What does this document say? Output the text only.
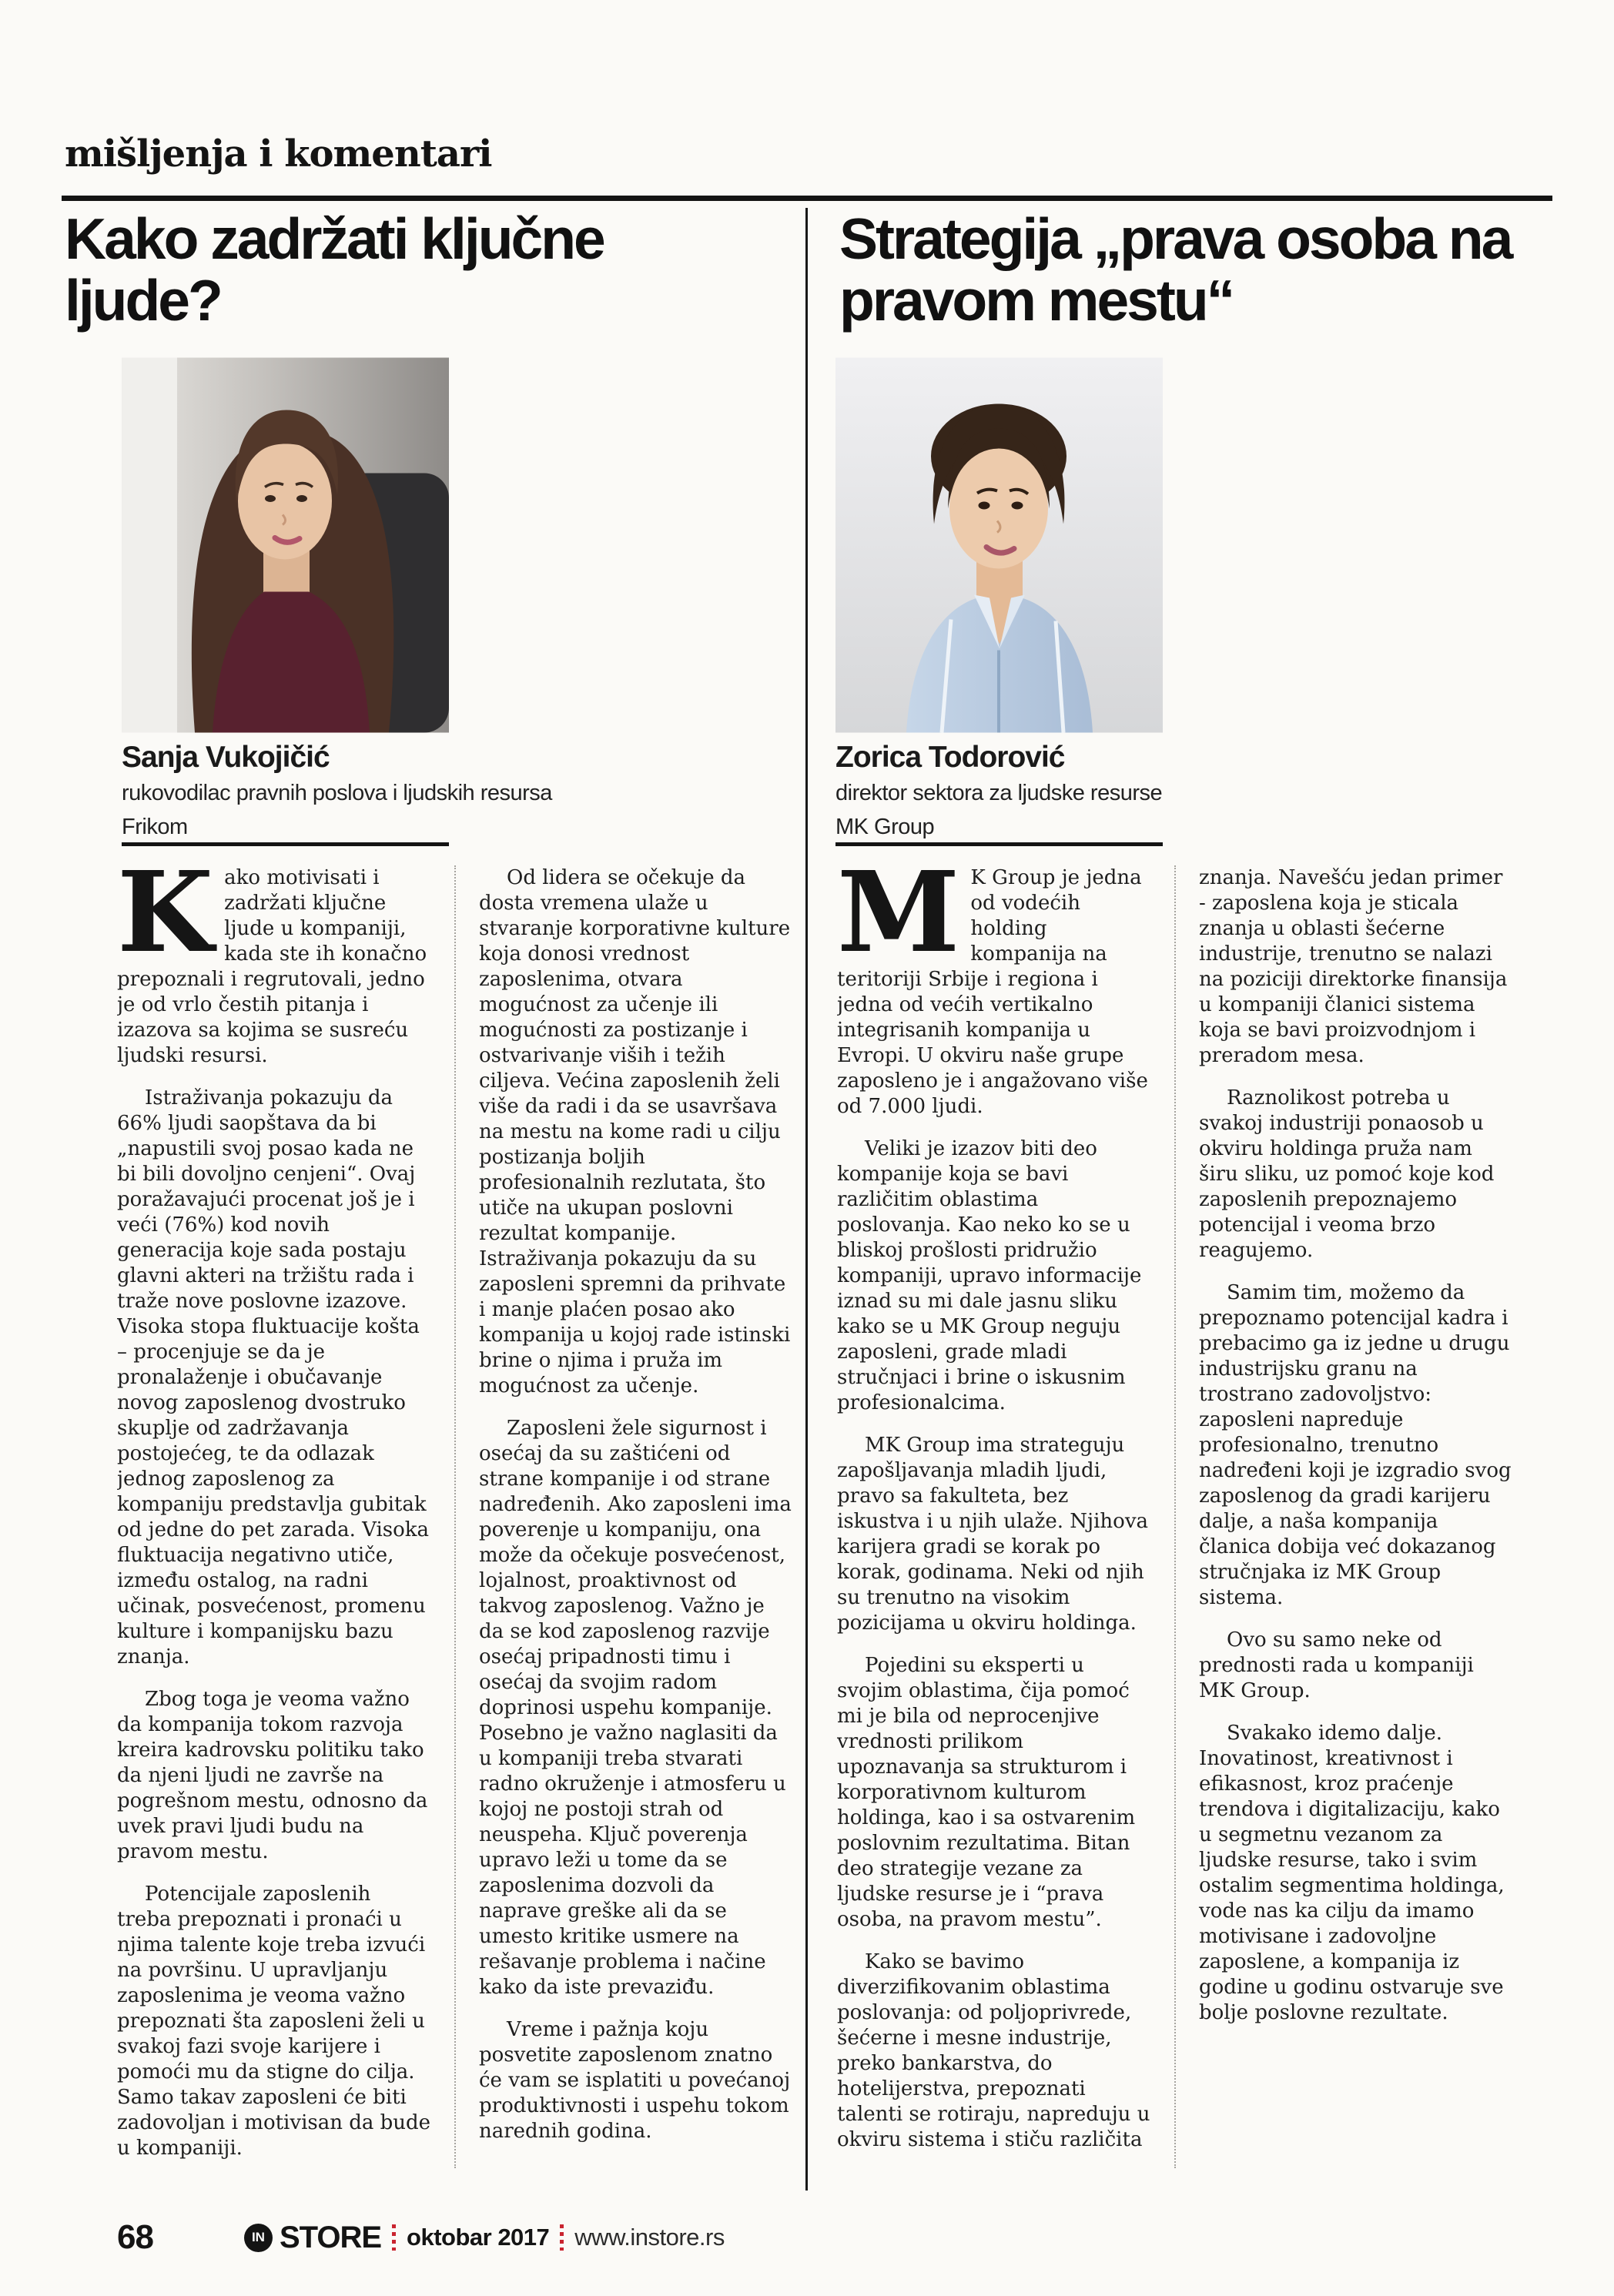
mišljenja i komentari
Kako zadržati ključne ljude?
Sanja Vukojičić
rukovodilac pravnih poslova i ljudskih resursa
Frikom

Kako motivisati i zadržati ključne ljude u kompaniji, kada ste ih konačno prepoznali i regrutovali, jedno je od vrlo čestih pitanja i izazova sa kojima se susreću ljudski resursi.

Istraživanja pokazuju da 66% ljudi saopštava da bi „napustili svoj posao kada ne bi bili dovoljno cenjeni“. Ovaj poražavajući procenat još je i veći (76%) kod novih generacija koje sada postaju glavni akteri na tržištu rada i traže nove poslovne izazove. Visoka stopa fluktuacije košta – procenjuje se da je pronalaženje i obučavanje novog zaposlenog dvostruko skuplje od zadržavanja postojećeg, te da odlazak jednog zaposlenog za kompaniju predstavlja gubitak od jedne do pet zarada. Visoka fluktuacija negativno utiče, između ostalog, na radni učinak, posvećenost, promenu kulture i kompanijsku bazu znanja.

Zbog toga je veoma važno da kompanija tokom razvoja kreira kadrovsku politiku tako da njeni ljudi ne završe na pogrešnom mestu, odnosno da uvek pravi ljudi budu na pravom mestu.

Potencijale zaposlenih treba prepoznati i pronaći u njima talente koje treba izvući na površinu. U upravljanju zaposlenima je veoma važno prepoznati šta zaposleni želi u svakoj fazi svoje karijere i pomoći mu da stigne do cilja. Samo takav zaposleni će biti zadovoljan i motivisan da bude u kompaniji.

Od lidera se očekuje da dosta vremena ulaže u stvaranje korporativne kulture koja donosi vrednost zaposlenima, otvara mogućnost za učenje ili mogućnosti za postizanje i ostvarivanje viših i težih ciljeva. Većina zaposlenih želi više da radi i da se usavršava na mestu na kome radi u cilju postizanja boljih profesionalnih rezlutata, što utiče na ukupan poslovni rezultat kompanije. Istraživanja pokazuju da su zaposleni spremni da prihvate i manje plaćen posao ako kompanija u kojoj rade istinski brine o njima i pruža im mogućnost za učenje.

Zaposleni žele sigurnost i osećaj da su zaštićeni od strane kompanije i od strane nadređenih. Ako zaposleni ima poverenje u kompaniju, ona može da očekuje posvećenost, lojalnost, proaktivnost od takvog zaposlenog. Važno je da se kod zaposlenog razvije osećaj pripadnosti timu i osećaj da svojim radom doprinosi uspehu kompanije. Posebno je važno naglasiti da u kompaniji treba stvarati radno okruženje i atmosferu u kojoj ne postoji strah od neuspeha. Ključ poverenja upravo leži u tome da se zaposlenima dozvoli da naprave greške ali da se umesto kritike usmere na rešavanje problema i načine kako da iste prevaziđu.

Vreme i pažnja koju posvetite zaposlenom znatno će vam se isplatiti u povećanoj produktivnosti i uspehu tokom narednih godina.

Strategija „prava osoba na pravom mestu“
Zorica Todorović
direktor sektora za ljudske resurse
MK Group

M K Group je jedna od vodećih holding kompanija na teritoriji Srbije i regiona i jedna od većih vertikalno integrisanih kompanija u Evropi. U okviru naše grupe zaposleno je i angažovano više od 7.000 ljudi.

Veliki je izazov biti deo kompanije koja se bavi različitim oblastima poslovanja. Kao neko ko se u bliskoj prošlosti pridružio kompaniji, upravo informacije iznad su mi dale jasnu sliku kako se u MK Group neguju zaposleni, grade mladi stručnjaci i brine o iskusnim profesionalcima.

MK Group ima strateguju zapošljavanja mladih ljudi, pravo sa fakulteta, bez iskustva i u njih ulaže. Njihova karijera gradi se korak po korak, godinama. Neki od njih su trenutno na visokim pozicijama u okviru holdinga.

Pojedini su eksperti u svojim oblastima, čija pomoć mi je bila od neprocenjive vrednosti prilikom upoznavanja sa strukturom i korporativnom kulturom holdinga, kao i sa ostvarenim poslovnim rezultatima. Bitan deo strategije vezane za ljudske resurse je i “prava osoba, na pravom mestu”.

Kako se bavimo diverzifikovanim oblastima poslovanja: od poljoprivrede, šećerne i mesne industrije, preko bankarstva, do hotelijerstva, prepoznati talenti se rotiraju, napreduju u okviru sistema i stiču različita znanja. Navešću jedan primer - zaposlena koja je sticala znanja u oblasti šećerne industrije, trenutno se nalazi na poziciji direktorke finansija u kompaniji članici sistema koja se bavi proizvodnjom i preradom mesa.

Raznolikost potreba u svakoj industriji ponaosob u okviru holdinga pruža nam širu sliku, uz pomoć koje kod zaposlenih prepoznajemo potencijal i veoma brzo reagujemo.

Samim tim, možemo da prepoznamo potencijal kadra i prebacimo ga iz jedne u drugu industrijsku granu na trostrano zadovoljstvo: zaposleni napreduje profesionalno, trenutno nadređeni koji je izgradio svog zaposlenog da gradi karijeru dalje, a naša kompanija članica dobija već dokazanog stručnjaka iz MK Group sistema.

Ovo su samo neke od prednosti rada u kompaniji MK Group.

Svakako idemo dalje. Inovatinost, kreativnost i efikasnost, kroz praćenje trendova i digitalizaciju, kako u segmetnu vezanom za ljudske resurse, tako i svim ostalim segmentima holdinga, vode nas ka cilju da imamo motivisane i zadovoljne zaposlene, a kompanija iz godine u godinu ostvaruje sve bolje poslovne rezultate.

68	IN STORE oktobar 2017 www.instore.rs
